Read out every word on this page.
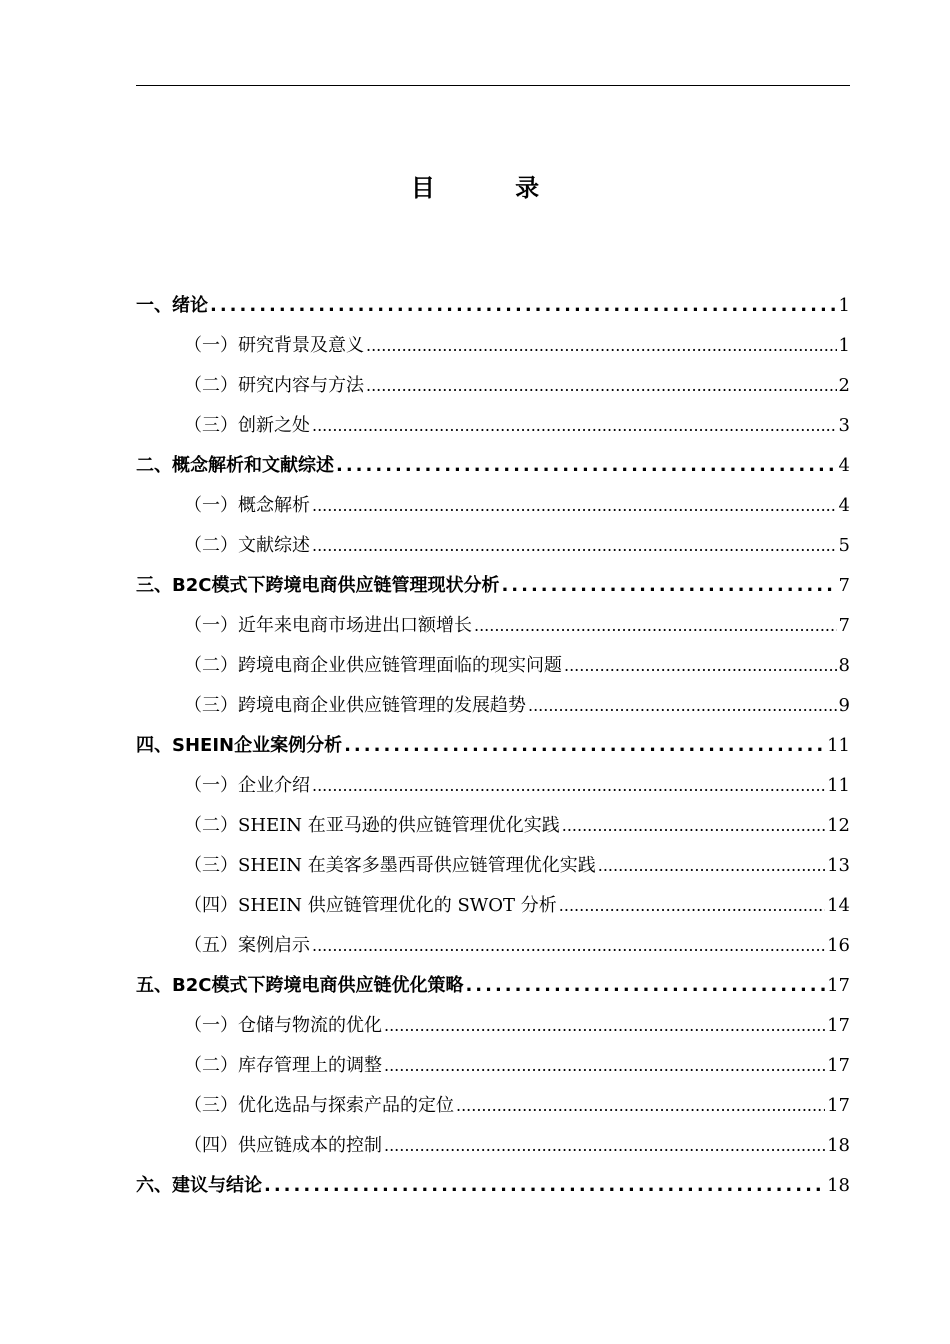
目 录
一、绪论 .....	1
（一）研究背景及意义 .....	1
（二）研究内容与方法 .....	2
（三）创新之处 .....	3
二、概念解析和文献综述 .....	4
（一）概念解析 .....	4
（二）文献综述 .....	5
三、B2C模式下跨境电商供应链管理现状分析 .....	7
（一）近年来电商市场进出口额增长 .....	7
（二）跨境电商企业供应链管理面临的现实问题 .....	8
（三）跨境电商企业供应链管理的发展趋势 .....	9
四、SHEIN企业案例分析 .....	11
（一）企业介绍 .....	11
（二）SHEIN 在亚马逊的供应链管理优化实践 .....	12
（三）SHEIN 在美客多墨西哥供应链管理优化实践 .....	13
（四）SHEIN 供应链管理优化的 SWOT 分析 .....	14
（五）案例启示 .....	16
五、B2C模式下跨境电商供应链优化策略 .....	17
（一）仓储与物流的优化 .....	17
（二）库存管理上的调整 .....	17
（三）优化选品与探索产品的定位 .....	17
（四）供应链成本的控制 .....	18
六、建议与结论 .....	18
